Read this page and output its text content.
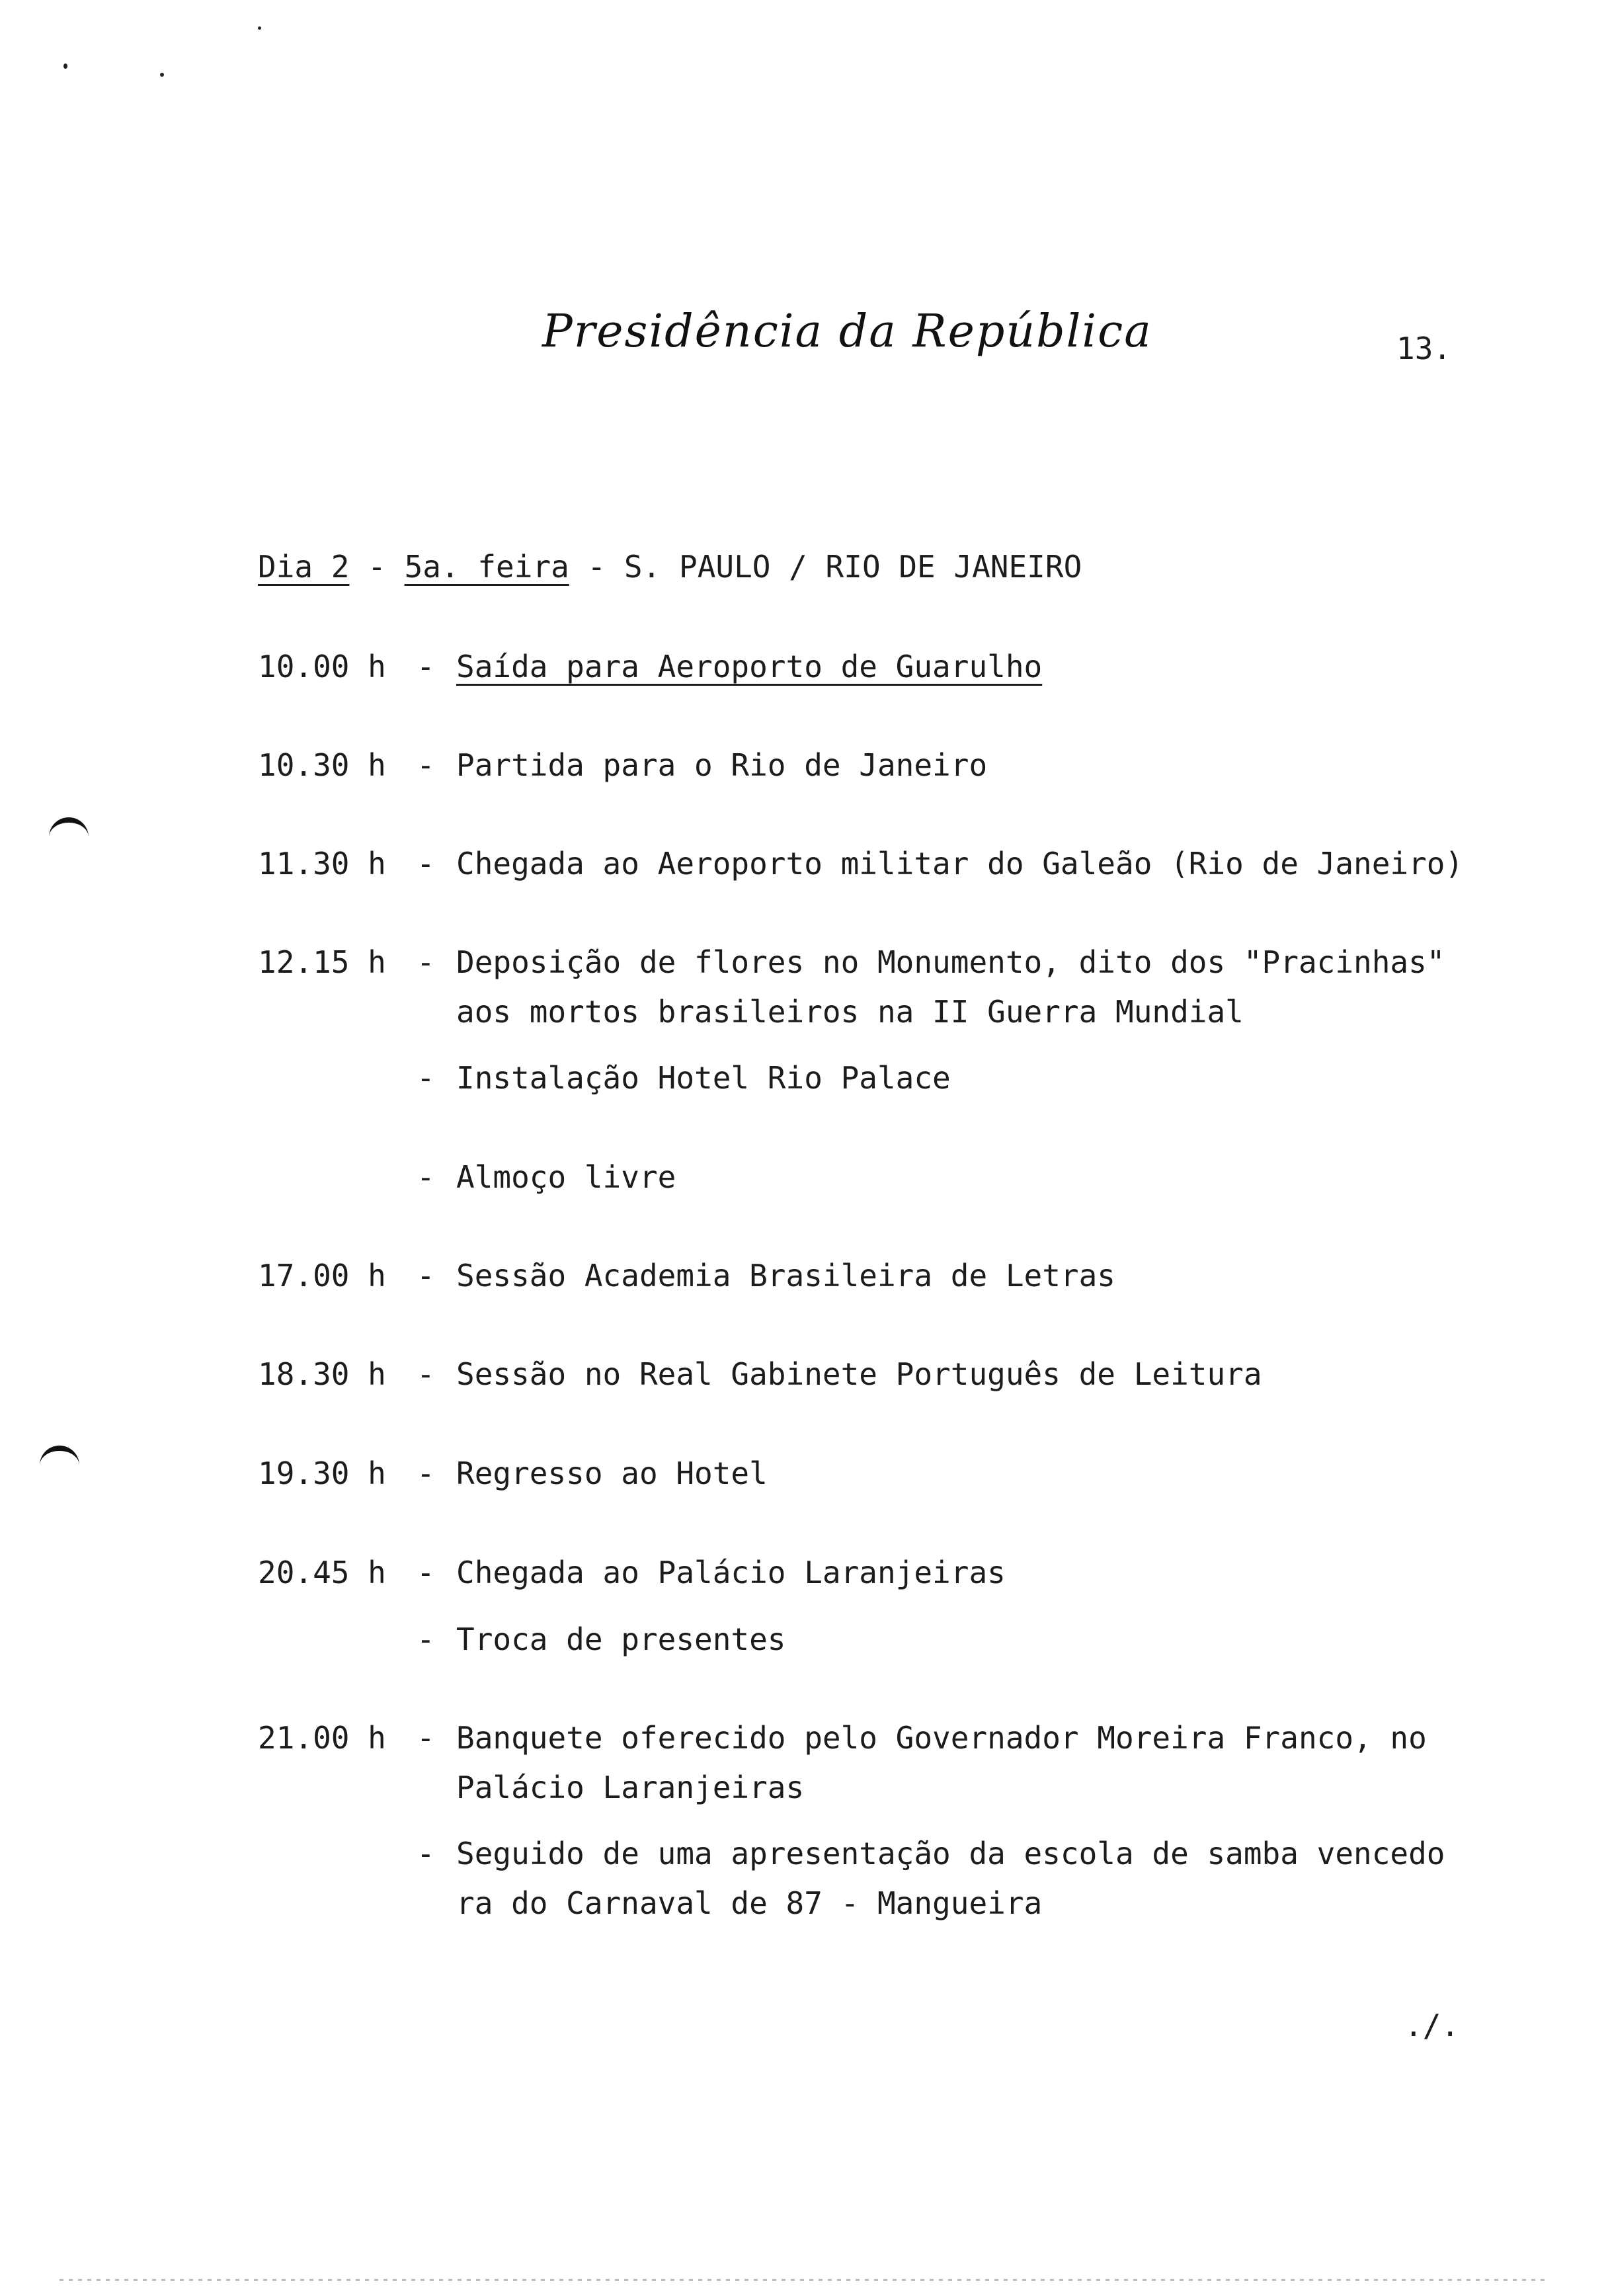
Presidência da República	13.
Dia 2 - 5a. feira - S. PAULO / RIO DE JANEIRO
10.00 h - Saída para Aeroporto de Guarulho
10.30 h - Partida para o Rio de Janeiro
11.30 h - Chegada ao Aeroporto militar do Galeão (Rio de Janeiro)
12.15 h - Deposição de flores no Monumento, dito dos "Pracinhas"
aos mortos brasileiros na II Guerra Mundial
- Instalação Hotel Rio Palace
- Almoço livre
17.00 h - Sessão Academia Brasileira de Letras
18.30 h - Sessão no Real Gabinete Português de Leitura
19.30 h - Regresso ao Hotel
20.45 h - Chegada ao Palácio Laranjeiras
- Troca de presentes
21.00 h - Banquete oferecido pelo Governador Moreira Franco, no
Palácio Laranjeiras
- Seguido de uma apresentação da escola de samba vencedo
ra do Carnaval de 87 - Mangueira
./.
